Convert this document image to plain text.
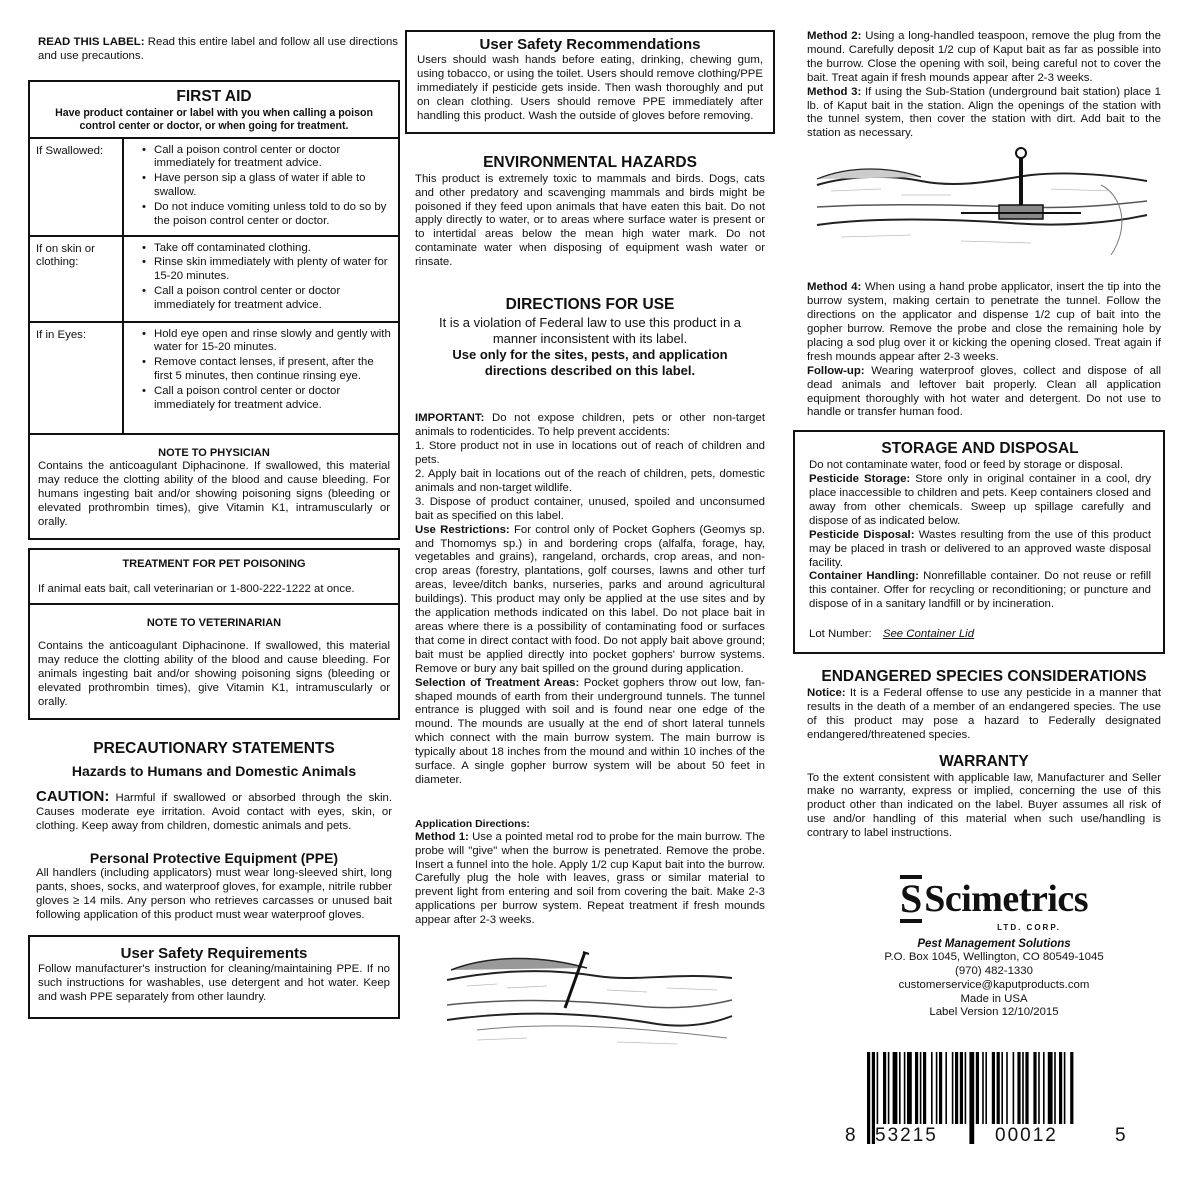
READ THIS LABEL: Read this entire label and follow all use directions and use precautions.

FIRST AID
Have product container or label with you when calling a poison control center or doctor, or when going for treatment.
If Swallowed:	• Call a poison control center or doctor immediately for treatment advice.
• Have person sip a glass of water if able to swallow.
• Do not induce vomiting unless told to do so by the poison control center or doctor.
If on skin or clothing:
• Take off contaminated clothing.
• Rinse skin immediately with plenty of water for 15-20 minutes.
• Call a poison control center or doctor immediately for treatment advice.
If in Eyes:	• Hold eye open and rinse slowly and gently with water for 15-20 minutes.
• Remove contact lenses, if present, after the first 5 minutes, then continue rinsing eye.
• Call a poison control center or doctor immediately for treatment advice.
NOTE TO PHYSICIAN

Contains the anticoagulant Diphacinone. If swallowed, this material may reduce the clotting ability of the blood and cause bleeding. For humans ingesting bait and/or showing poisoning signs (bleeding or elevated prothrombin times), give Vitamin K1, intramuscularly or orally.

TREATMENT FOR PET POISONING

If animal eats bait, call veterinarian or 1-800-222-1222 at once.

NOTE TO VETERINARIAN

Contains the anticoagulant Diphacinone. If swallowed, this material may reduce the clotting ability of the blood and cause bleeding. For animals ingesting bait and/or showing poisoning signs (bleeding or elevated prothrombin times), give Vitamin K1, intramuscularly or orally.

PRECAUTIONARY STATEMENTS
Hazards to Humans and Domestic Animals

CAUTION: Harmful if swallowed or absorbed through the skin. Causes moderate eye irritation. Avoid contact with eyes, skin, or clothing. Keep away from children, domestic animals and pets.

Personal Protective Equipment (PPE)

All handlers (including applicators) must wear long-sleeved shirt, long pants, shoes, socks, and waterproof gloves, for example, nitrile rubber gloves ≥ 14 mils. Any person who retrieves carcasses or unused bait following application of this product must wear waterproof gloves.

User Safety Requirements

Follow manufacturer's instruction for cleaning/maintaining PPE. If no such instructions for washables, use detergent and hot water. Keep and wash PPE separately from other laundry.

User Safety Recommendations

Users should wash hands before eating, drinking, chewing gum, using tobacco, or using the toilet. Users should remove clothing/PPE immediately if pesticide gets inside. Then wash thoroughly and put on clean clothing. Users should remove PPE immediately after handling this product. Wash the outside of gloves before removing.

ENVIRONMENTAL HAZARDS

This product is extremely toxic to mammals and birds. Dogs, cats and other predatory and scavenging mammals and birds might be poisoned if they feed upon animals that have eaten this bait. Do not apply directly to water, or to areas where surface water is present or to intertidal areas below the mean high water mark. Do not contaminate water when disposing of equipment wash water or rinsate.

DIRECTIONS FOR USE
It is a violation of Federal law to use this product in a manner inconsistent with its label.
Use only for the sites, pests, and application directions described on this label.

IMPORTANT: Do not expose children, pets or other non-target animals to rodenticides. To help prevent accidents:

1. Store product not in use in locations out of reach of children and pets.

2. Apply bait in locations out of the reach of children, pets, domestic animals and non-target wildlife.

3. Dispose of product container, unused, spoiled and unconsumed bait as specified on this label.

Use Restrictions: For control only of Pocket Gophers (Geomys sp. and Thomomys sp.) in and bordering crops (alfalfa, forage, hay, vegetables and grains), rangeland, orchards, crop areas, and non-crop areas (forestry, plantations, golf courses, lawns and other turf areas, levee/ditch banks, nurseries, parks and around agricultural buildings). This product may only be applied at the use sites and by the application methods indicated on this label. Do not place bait in areas where there is a possibility of contaminating food or surfaces that come in direct contact with food. Do not apply bait above ground; bait must be applied directly into pocket gophers' burrow systems. Remove or bury any bait spilled on the ground during application.

Selection of Treatment Areas: Pocket gophers throw out low, fan-shaped mounds of earth from their underground tunnels. The tunnel entrance is plugged with soil and is found near one edge of the mound. The mounds are usually at the end of short lateral tunnels which connect with the main burrow system. The main burrow is typically about 18 inches from the mound and within 10 inches of the surface. A single gopher burrow system will be about 50 feet in diameter.

Application Directions:

Method 1: Use a pointed metal rod to probe for the main burrow. The probe will "give" when the burrow is penetrated. Remove the probe. Insert a funnel into the hole. Apply 1/2 cup Kaput bait into the burrow. Carefully plug the hole with leaves, grass or similar material to prevent light from entering and soil from covering the bait. Make 2-3 applications per burrow system. Repeat treatment if fresh mounds appear after 2-3 weeks.

Method 2: Using a long-handled teaspoon, remove the plug from the mound. Carefully deposit 1/2 cup of Kaput bait as far as possible into the burrow. Close the opening with soil, being careful not to cover the bait. Treat again if fresh mounds appear after 2-3 weeks.

Method 3: If using the Sub-Station (underground bait station) place 1 lb. of Kaput bait in the station. Align the openings of the station with the tunnel system, then cover the station with dirt. Add bait to the station as necessary.

Method 4: When using a hand probe applicator, insert the tip into the burrow system, making certain to penetrate the tunnel. Follow the directions on the applicator and dispense 1/2 cup of bait into the gopher burrow. Remove the probe and close the remaining hole by placing a sod plug over it or kicking the opening closed. Treat again if fresh mounds appear after 2-3 weeks.

Follow-up: Wearing waterproof gloves, collect and dispose of all dead animals and leftover bait properly. Clean all application equipment thoroughly with hot water and detergent. Do not use to handle or transfer human food.

STORAGE AND DISPOSAL

Do not contaminate water, food or feed by storage or disposal.

Pesticide Storage: Store only in original container in a cool, dry place inaccessible to children and pets. Keep containers closed and away from other chemicals. Sweep up spillage carefully and dispose of as indicated below.

Pesticide Disposal: Wastes resulting from the use of this product may be placed in trash or delivered to an approved waste disposal facility.

Container Handling: Nonrefillable container. Do not reuse or refill this container. Offer for recycling or reconditioning; or puncture and dispose of in a sanitary landfill or by incineration.

Lot Number: See Container Lid

ENDANGERED SPECIES CONSIDERATIONS

Notice: It is a Federal offense to use any pesticide in a manner that results in the death of a member of an endangered species. The use of this product may pose a hazard to Federally designated endangered/threatened species.

WARRANTY

To the extent consistent with applicable law, Manufacturer and Seller make no warranty, express or implied, concerning the use of this product other than indicated on the label. Buyer assumes all risk of use and/or handling of this material when such use/handling is contrary to label instructions.

S Scimetrics
LTD. CORP.
Pest Management Solutions
P.O. Box 1045, Wellington, CO 80549-1045
(970) 482-1330
customerservice@kaputproducts.com
Made in USA
Label Version 12/10/2015
8 53215	00012	5
